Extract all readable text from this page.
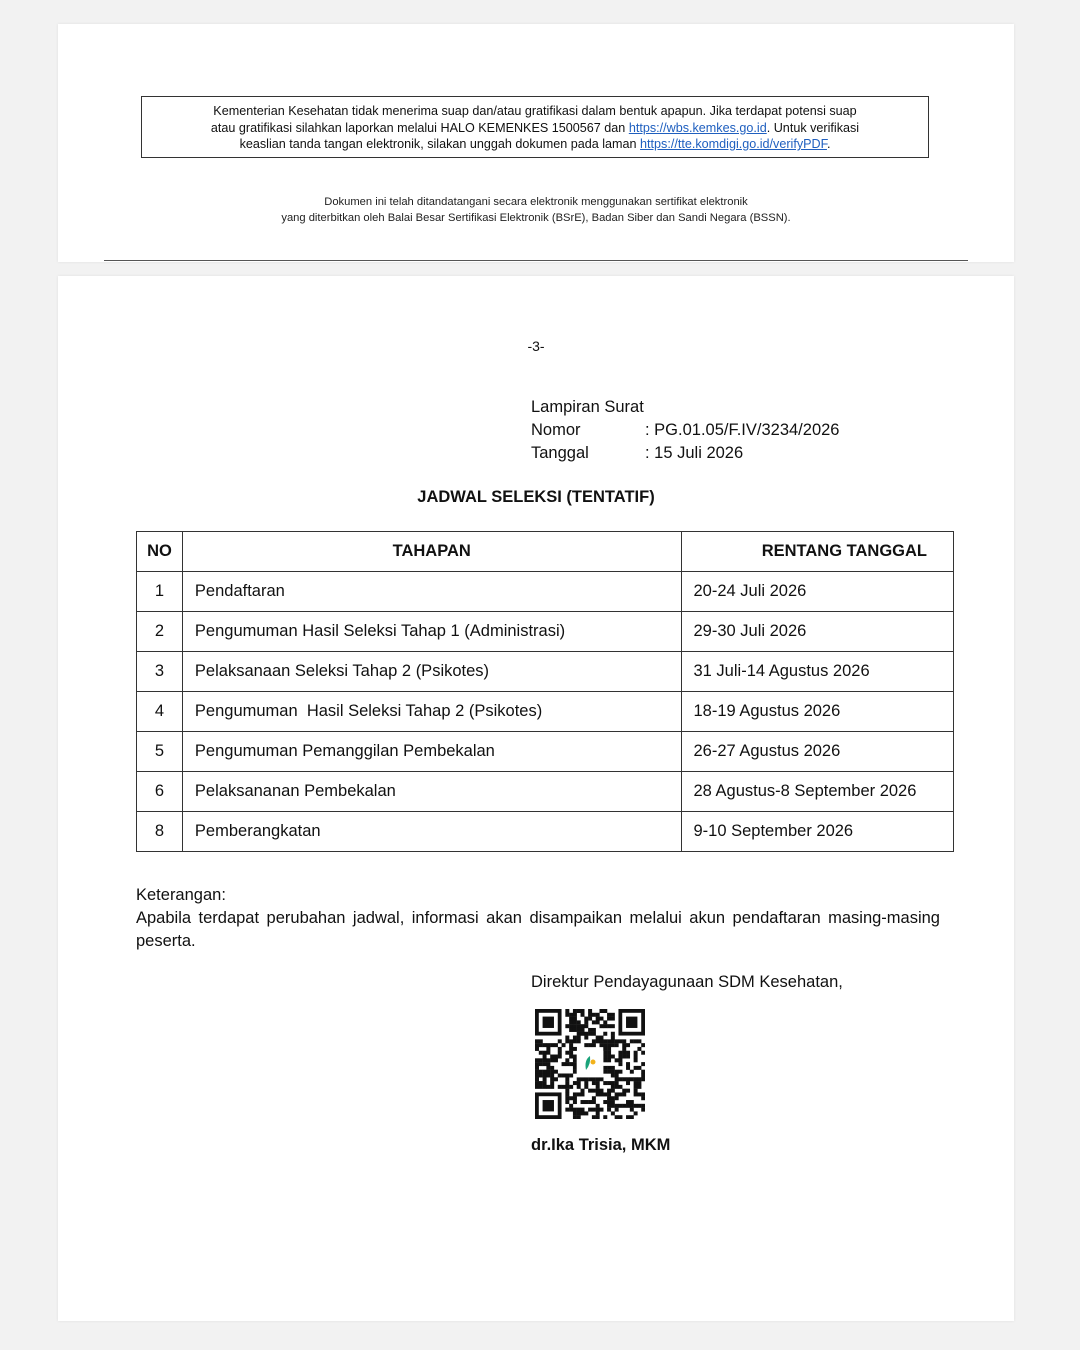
Kementerian Kesehatan tidak menerima suap dan/atau gratifikasi dalam bentuk apapun. Jika terdapat potensi suap
atau gratifikasi silahkan laporkan melalui HALO KEMENKES 1500567 dan https://wbs.kemkes.go.id. Untuk verifikasi
keaslian tanda tangan elektronik, silakan unggah dokumen pada laman https://tte.komdigi.go.id/verifyPDF.
Dokumen ini telah ditandatangani secara elektronik menggunakan sertifikat elektronik
yang diterbitkan oleh Balai Besar Sertifikasi Elektronik (BSrE), Badan Siber dan Sandi Negara (BSSN).
-3-
Lampiran Surat
Nomor	: PG.01.05/F.IV/3234/2026
Tanggal	: 15 Juli 2026
JADWAL SELEKSI (TENTATIF)
NO	TAHAPAN	RENTANG TANGGAL
1	Pendaftaran	20-24 Juli 2026
2	Pengumuman Hasil Seleksi Tahap 1 (Administrasi)	29-30 Juli 2026
3	Pelaksanaan Seleksi Tahap 2 (Psikotes)	31 Juli-14 Agustus 2026
4	Pengumuman  Hasil Seleksi Tahap 2 (Psikotes)	18-19 Agustus 2026
5	Pengumuman Pemanggilan Pembekalan	26-27 Agustus 2026
6	Pelaksananan Pembekalan	28 Agustus-8 September 2026
8	Pemberangkatan	9-10 September 2026
Keterangan:
Apabila terdapat perubahan jadwal, informasi akan disampaikan melalui akun pendaftaran masing-masing peserta.
Direktur Pendayagunaan SDM Kesehatan,
dr.Ika Trisia, MKM
